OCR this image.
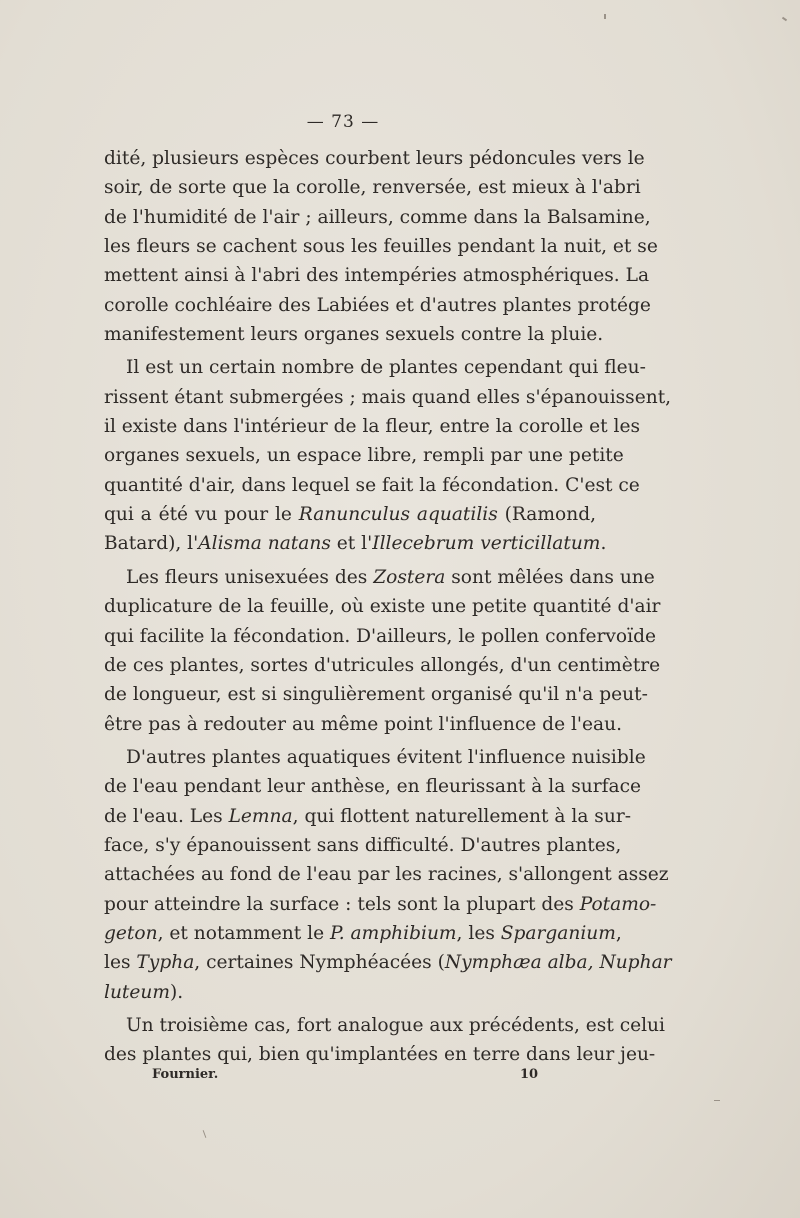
— 73 —
dité, plusieurs espèces courbent leurs pédoncules vers le
soir, de sorte que la corolle, renversée, est mieux à l'abri
de l'humidité de l'air ; ailleurs, comme dans la Balsamine,
les fleurs se cachent sous les feuilles pendant la nuit, et se
mettent ainsi à l'abri des intempéries atmosphériques. La
corolle cochléaire des Labiées et d'autres plantes protége
manifestement leurs organes sexuels contre la pluie.
Il est un certain nombre de plantes cependant qui fleu-
rissent étant submergées ; mais quand elles s'épanouissent,
il existe dans l'intérieur de la fleur, entre la corolle et les
organes sexuels, un espace libre, rempli par une petite
quantité d'air, dans lequel se fait la fécondation. C'est ce
qui a été vu pour le Ranunculus aquatilis (Ramond,
Batard), l'Alisma natans et l'Illecebrum verticillatum.
Les fleurs unisexuées des Zostera sont mêlées dans une
duplicature de la feuille, où existe une petite quantité d'air
qui facilite la fécondation. D'ailleurs, le pollen confervoïde
de ces plantes, sortes d'utricules allongés, d'un centimètre
de longueur, est si singulièrement organisé qu'il n'a peut-
être pas à redouter au même point l'influence de l'eau.
D'autres plantes aquatiques évitent l'influence nuisible
de l'eau pendant leur anthèse, en fleurissant à la surface
de l'eau. Les Lemna, qui flottent naturellement à la sur-
face, s'y épanouissent sans difficulté. D'autres plantes,
attachées au fond de l'eau par les racines, s'allongent assez
pour atteindre la surface : tels sont la plupart des Potamo-
geton, et notamment le P. amphibium, les Sparganium,
les Typha, certaines Nymphéacées (Nymphæa alba, Nuphar
luteum).
Un troisième cas, fort analogue aux précédents, est celui
des plantes qui, bien qu'implantées en terre dans leur jeu-
Fournier.	10
